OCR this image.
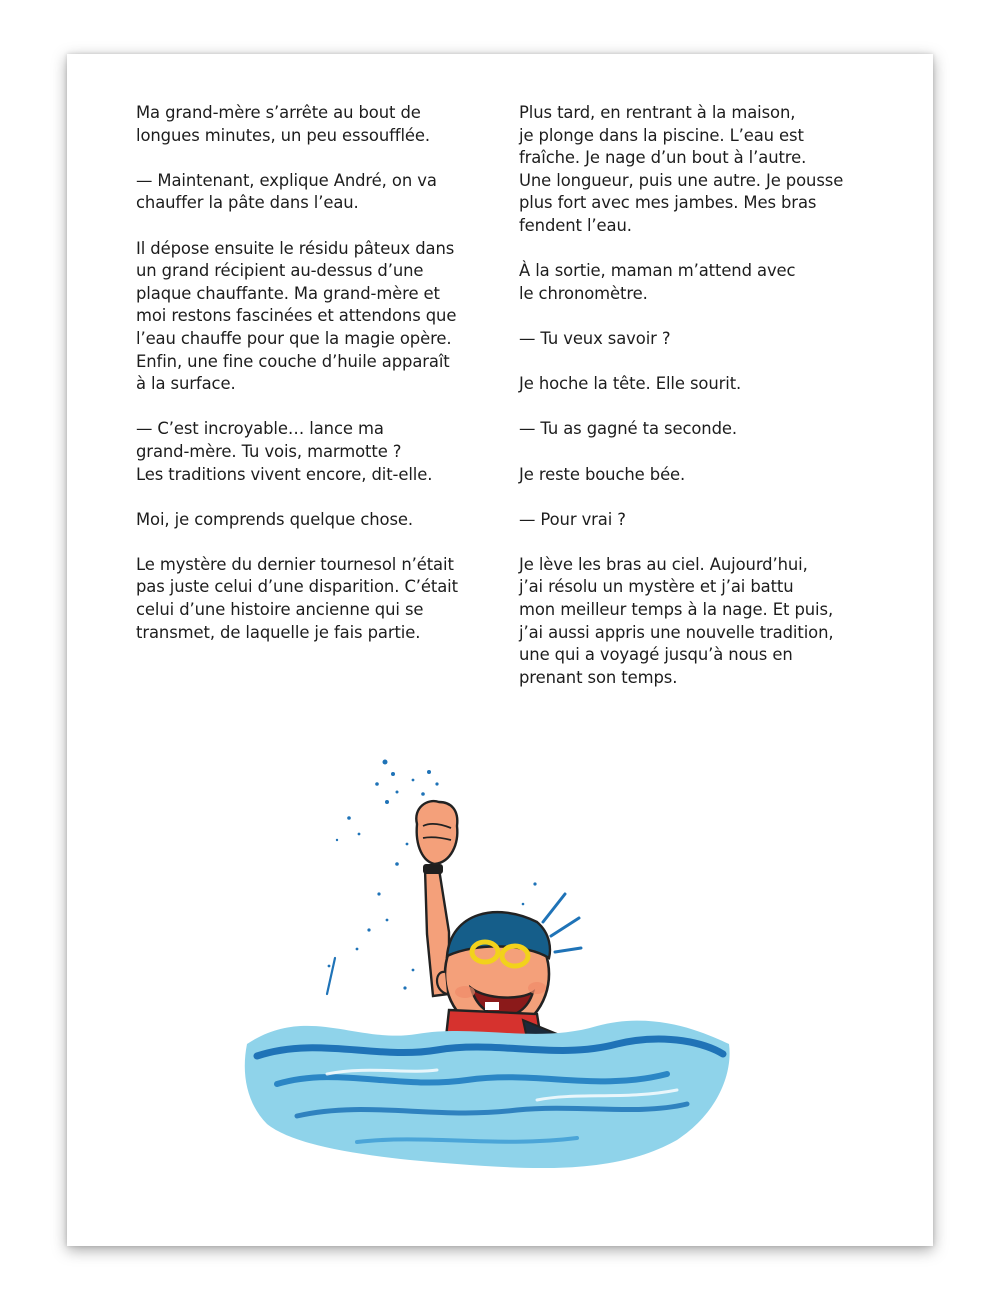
Ma grand-mère s’arrête au bout de
longues minutes, un peu essoufflée.

— Maintenant, explique André, on va
chauffer la pâte dans l’eau.

Il dépose ensuite le résidu pâteux dans
un grand récipient au-dessus d’une
plaque chauffante. Ma grand-mère et
moi restons fascinées et attendons que
l’eau chauffe pour que la magie opère.
Enfin, une fine couche d’huile apparaît
à la surface.

— C’est incroyable… lance ma
grand-mère. Tu vois, marmotte ?
Les traditions vivent encore, dit-elle.

Moi, je comprends quelque chose.

Le mystère du dernier tournesol n’était
pas juste celui d’une disparition. C’était
celui d’une histoire ancienne qui se
transmet, de laquelle je fais partie.

Plus tard, en rentrant à la maison,
je plonge dans la piscine. L’eau est
fraîche. Je nage d’un bout à l’autre.
Une longueur, puis une autre. Je pousse
plus fort avec mes jambes. Mes bras
fendent l’eau.

À la sortie, maman m’attend avec
le chronomètre.

— Tu veux savoir ?

Je hoche la tête. Elle sourit.

— Tu as gagné ta seconde.

Je reste bouche bée.

— Pour vrai ?

Je lève les bras au ciel. Aujourd’hui,
j’ai résolu un mystère et j’ai battu
mon meilleur temps à la nage. Et puis,
j’ai aussi appris une nouvelle tradition,
une qui a voyagé jusqu’à nous en
prenant son temps.
